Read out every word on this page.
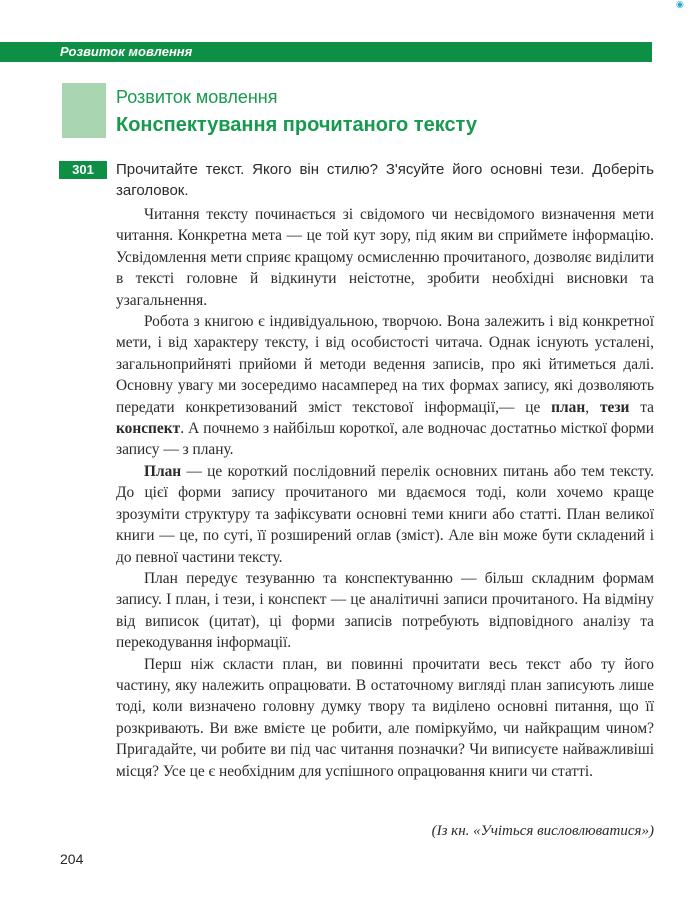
◉
Розвиток мовлення
Розвиток мовлення
Конспектування прочитаного тексту
301	Прочитайте текст. Якого він стилю? З'ясуйте його основні тези. Доберіть заголовок.

Читання тексту починається зі свідомого чи несвідомого визначення мети читання. Конкретна мета — це той кут зору, під яким ви сприймете інформацію. Усвідомлення мети сприяє кращому осмисленню прочитаного, дозволяє виділити в тексті головне й відкинути неістотне, зробити необхідні висновки та узагальнення.

Робота з книгою є індивідуальною, творчою. Вона залежить і від конкретної мети, і від характеру тексту, і від особистості читача. Однак існують усталені, загальноприйняті прийоми й методи ведення записів, про які йтиметься далі. Основну увагу ми зосередимо насамперед на тих формах запису, які дозволяють передати конкретизований зміст текстової інформації,— це план, тези та конспект. А почнемо з найбільш короткої, але водночас достатньо місткої форми запису — з плану.

План — це короткий послідовний перелік основних питань або тем тексту. До цієї форми запису прочитаного ми вдаємося тоді, коли хочемо краще зрозуміти структуру та зафіксувати основні теми книги або статті. План великої книги — це, по суті, її розширений оглав (зміст). Але він може бути складений і до певної частини тексту.

План передує тезуванню та конспектуванню — більш складним формам запису. І план, і тези, і конспект — це аналітичні записи прочитаного. На відміну від виписок (цитат), ці форми записів потребують відповідного аналізу та перекодування інформації.

Перш ніж скласти план, ви повинні прочитати весь текст або ту його частину, яку належить опрацювати. В остаточному вигляді план записують лише тоді, коли визначено головну думку твору та виділено основні питання, що її розкривають. Ви вже вмієте це робити, але поміркуймо, чи найкращим чином? Пригадайте, чи робите ви під час читання позначки? Чи виписуєте найважливіші місця? Усе це є необхідним для успішного опрацювання книги чи статті.

(Із кн. «Учіться висловлюватися»)
204
